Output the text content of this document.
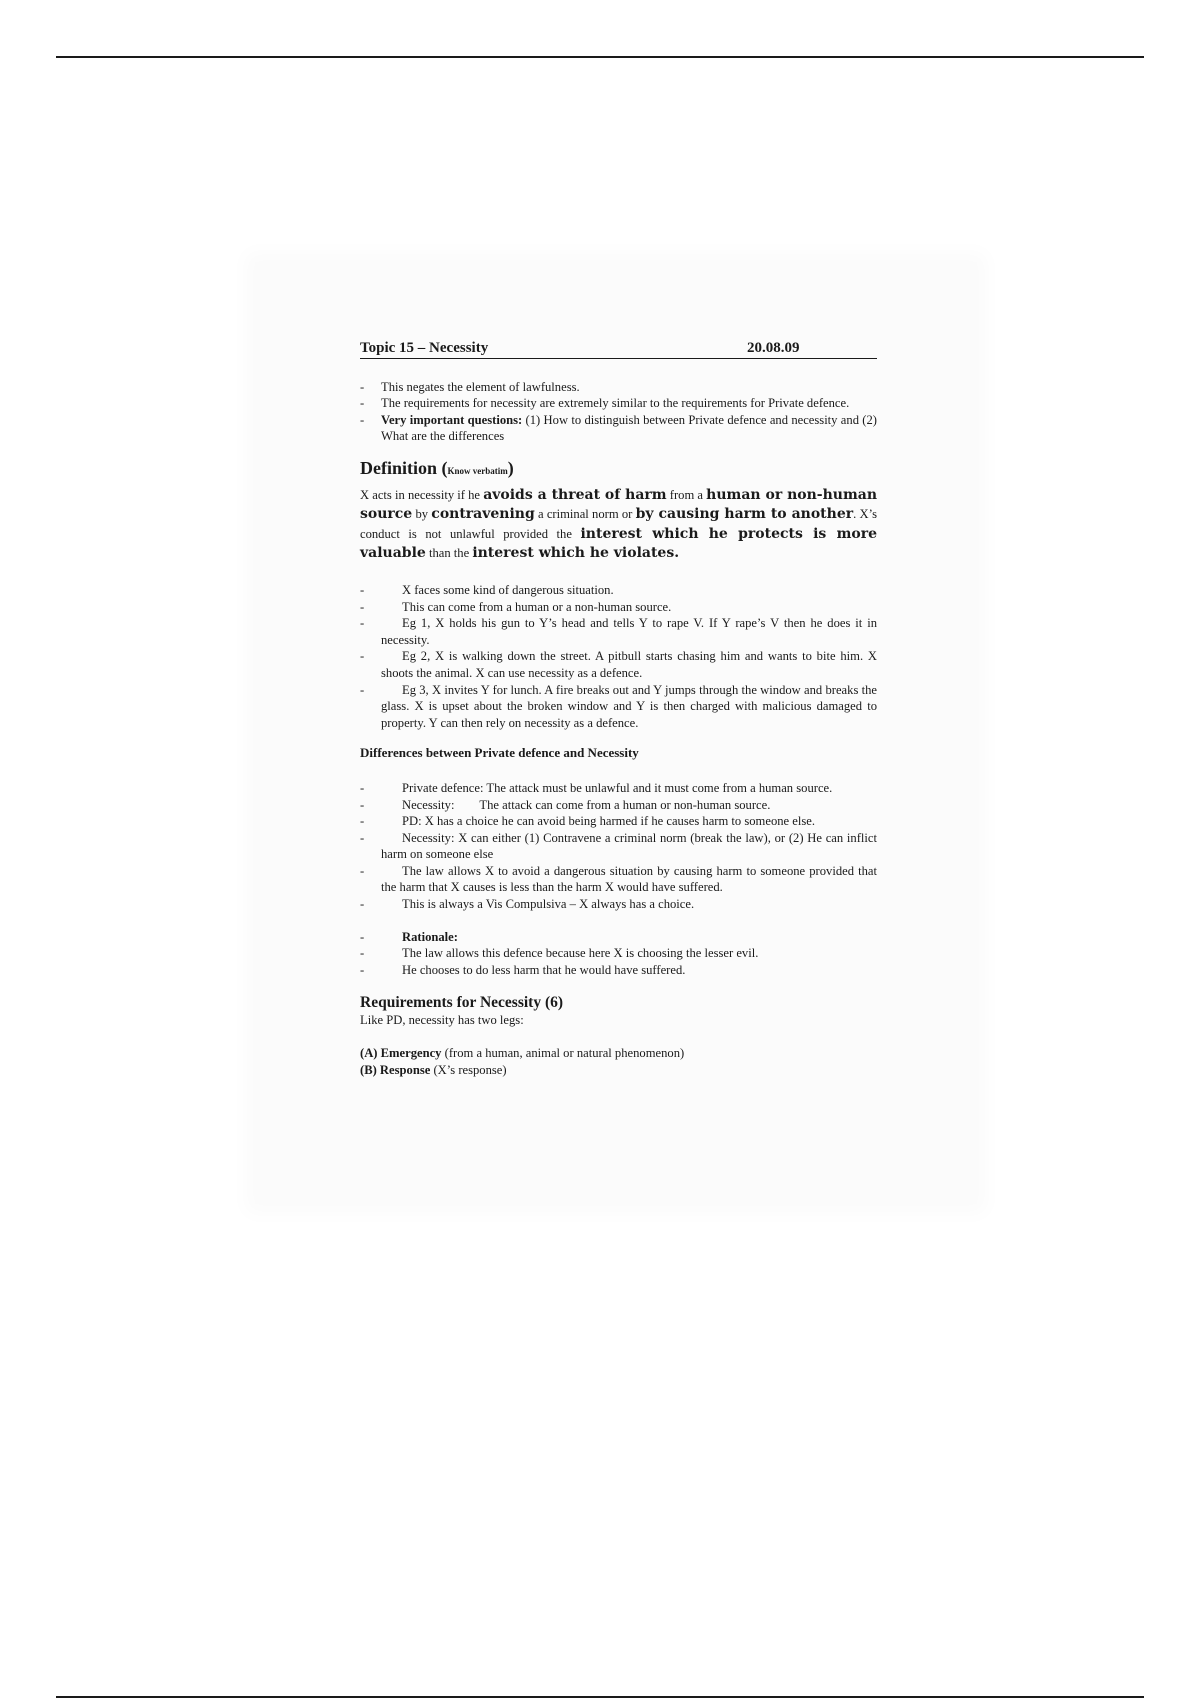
Topic 15 – Necessity	20.08.09
- This negates the element of lawfulness.
- The requirements for necessity are extremely similar to the requirements for Private defence.
- Very important questions: (1) How to distinguish between Private defence and necessity and (2) What are the differences
Definition (Know verbatim)
X acts in necessity if he avoids a threat of harm from a human or non-human source by contravening a criminal norm or by causing harm to another. X’s conduct is not unlawful provided the interest which he protects is more valuable than the interest which he violates.
- X faces some kind of dangerous situation.
- This can come from a human or a non-human source.
- Eg 1, X holds his gun to Y’s head and tells Y to rape V. If Y rape’s V then he does it in necessity.
- Eg 2, X is walking down the street. A pitbull starts chasing him and wants to bite him. X shoots the animal. X can use necessity as a defence.
- Eg 3, X invites Y for lunch. A fire breaks out and Y jumps through the window and breaks the glass. X is upset about the broken window and Y is then charged with malicious damaged to property. Y can then rely on necessity as a defence.
Differences between Private defence and Necessity
- Private defence: The attack must be unlawful and it must come from a human source.
- Necessity:        The attack can come from a human or non-human source.
- PD: X has a choice he can avoid being harmed if he causes harm to someone else.
- Necessity: X can either (1) Contravene a criminal norm (break the law), or (2) He can inflict harm on someone else
- The law allows X to avoid a dangerous situation by causing harm to someone provided that the harm that X causes is less than the harm X would have suffered.
- This is always a Vis Compulsiva – X always has a choice.
- Rationale:
- The law allows this defence because here X is choosing the lesser evil.
- He chooses to do less harm that he would have suffered.
Requirements for Necessity (6)
Like PD, necessity has two legs:
(A) Emergency (from a human, animal or natural phenomenon)
(B) Response (X’s response)
